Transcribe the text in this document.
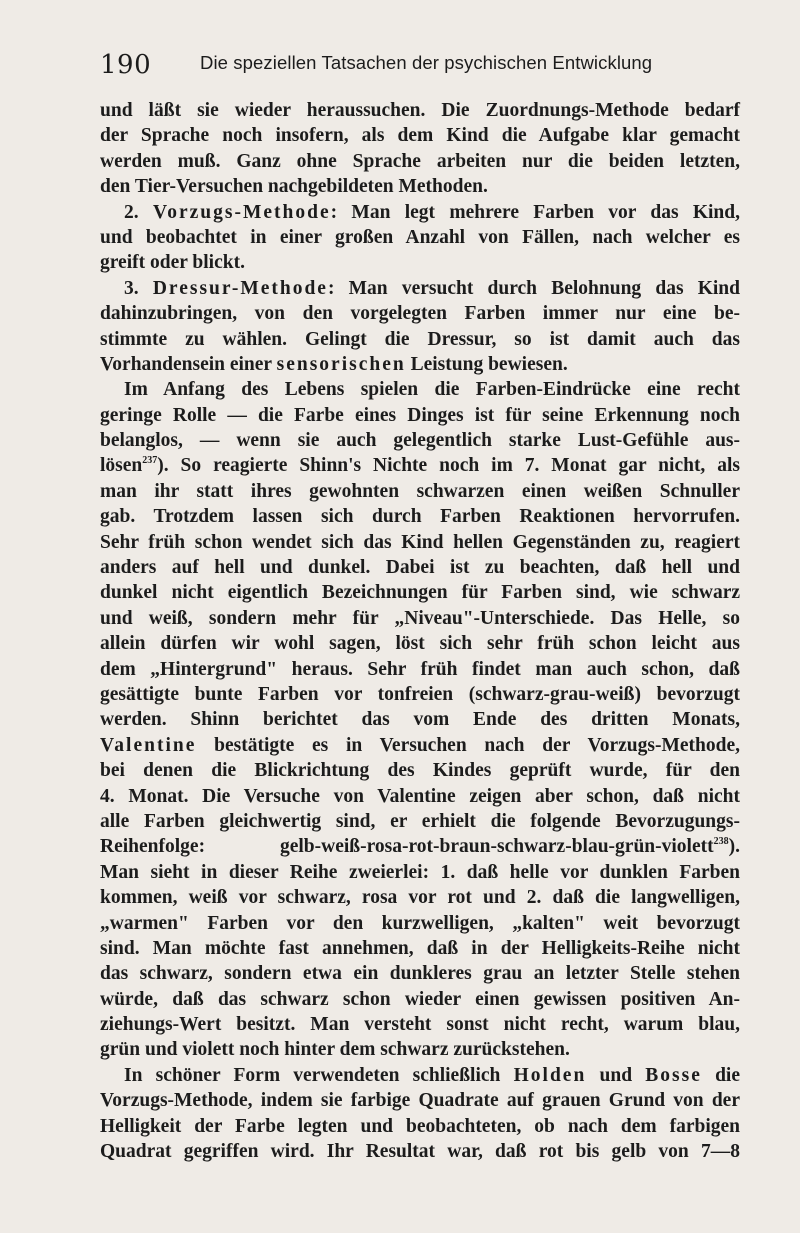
190	Die speziellen Tatsachen der psychischen Entwicklung
und läßt sie wieder heraussuchen. Die Zuordnungs-Methode bedarf
der Sprache noch insofern, als dem Kind die Aufgabe klar gemacht
werden muß. Ganz ohne Sprache arbeiten nur die beiden letzten,
den Tier-Versuchen nachgebildeten Methoden.
2. Vorzugs-Methode: Man legt mehrere Farben vor das Kind,
und beobachtet in einer großen Anzahl von Fällen, nach welcher es
greift oder blickt.
3. Dressur-Methode: Man versucht durch Belohnung das Kind
dahinzubringen, von den vorgelegten Farben immer nur eine be-
stimmte zu wählen. Gelingt die Dressur, so ist damit auch das
Vorhandensein einer sensorischen Leistung bewiesen.
Im Anfang des Lebens spielen die Farben-Eindrücke eine recht
geringe Rolle — die Farbe eines Dinges ist für seine Erkennung noch
belanglos, — wenn sie auch gelegentlich starke Lust-Gefühle aus-
lösen$^{237}$). So reagierte Shinn's Nichte noch im 7. Monat gar nicht, als
man ihr statt ihres gewohnten schwarzen einen weißen Schnuller
gab. Trotzdem lassen sich durch Farben Reaktionen hervorrufen.
Sehr früh schon wendet sich das Kind hellen Gegenständen zu, reagiert
anders auf hell und dunkel. Dabei ist zu beachten, daß hell und
dunkel nicht eigentlich Bezeichnungen für Farben sind, wie schwarz
und weiß, sondern mehr für „Niveau"-Unterschiede. Das Helle, so
allein dürfen wir wohl sagen, löst sich sehr früh schon leicht aus
dem „Hintergrund" heraus. Sehr früh findet man auch schon, daß
gesättigte bunte Farben vor tonfreien (schwarz-grau-weiß) bevorzugt
werden. Shinn berichtet das vom Ende des dritten Monats,
Valentine bestätigte es in Versuchen nach der Vorzugs-Methode,
bei denen die Blickrichtung des Kindes geprüft wurde, für den
4. Monat. Die Versuche von Valentine zeigen aber schon, daß nicht
alle Farben gleichwertig sind, er erhielt die folgende Bevorzugungs-
Reihenfolge: gelb-weiß-rosa-rot-braun-schwarz-blau-grün-violett$^{238}$).
Man sieht in dieser Reihe zweierlei: 1. daß helle vor dunklen Farben
kommen, weiß vor schwarz, rosa vor rot und 2. daß die langwelligen,
„warmen" Farben vor den kurzwelligen, „kalten" weit bevorzugt
sind. Man möchte fast annehmen, daß in der Helligkeits-Reihe nicht
das schwarz, sondern etwa ein dunkleres grau an letzter Stelle stehen
würde, daß das schwarz schon wieder einen gewissen positiven An-
ziehungs-Wert besitzt. Man versteht sonst nicht recht, warum blau,
grün und violett noch hinter dem schwarz zurückstehen.
In schöner Form verwendeten schließlich Holden und Bosse die
Vorzugs-Methode, indem sie farbige Quadrate auf grauen Grund von der
Helligkeit der Farbe legten und beobachteten, ob nach dem farbigen
Quadrat gegriffen wird. Ihr Resultat war, daß rot bis gelb von 7—8
